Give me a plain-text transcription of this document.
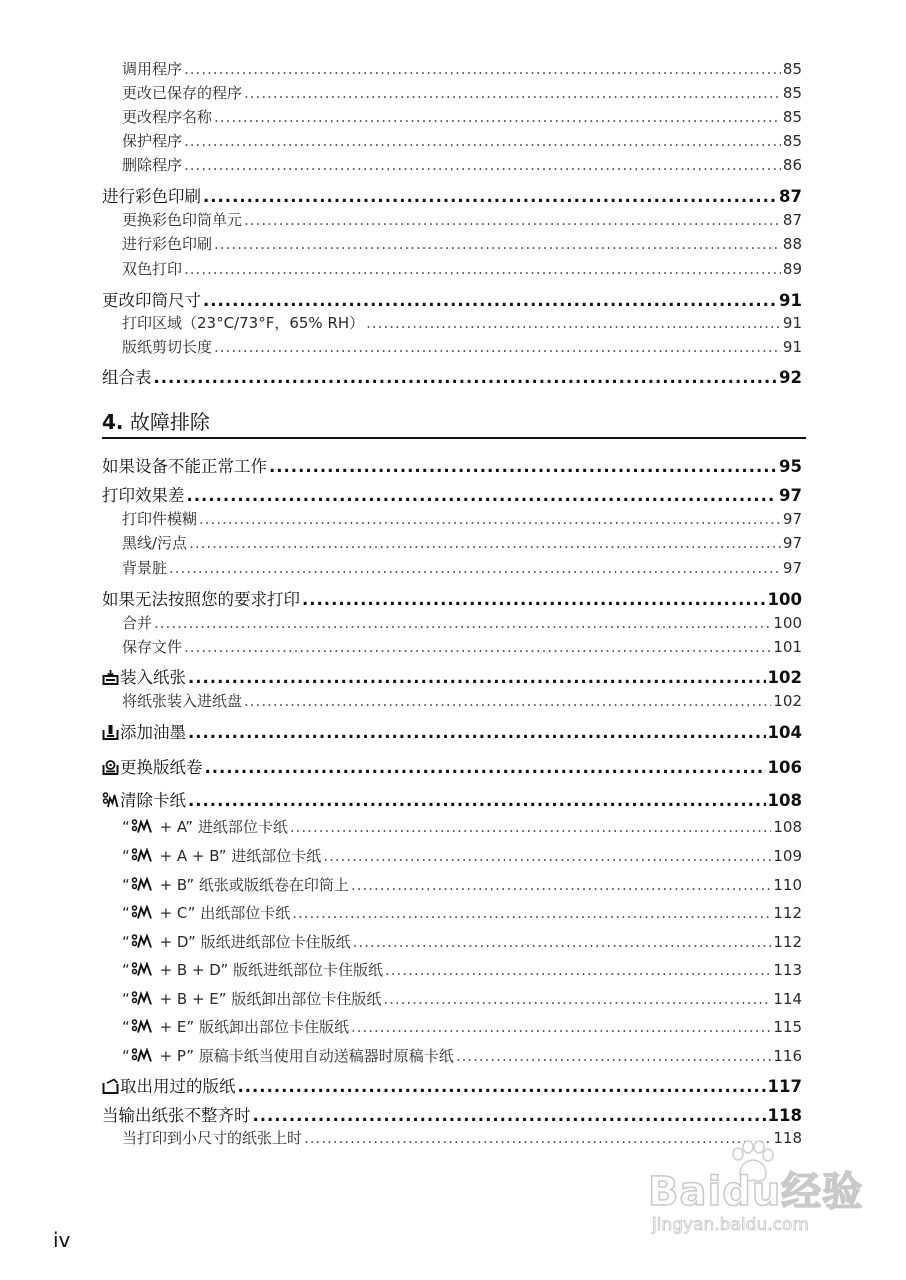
调用程序 .....	85
更改已保存的程序 .....	85
更改程序名称 .....	85
保护程序 .....	85
删除程序 .....	86
进行彩色印刷 .....	87
更换彩色印筒单元 .....	87
进行彩色印刷 .....	88
双色打印 .....	89
更改印筒尺寸 .....	91
打印区域（23°C/73°F，65% RH） .....	91
版纸剪切长度 .....	91
组合表 .....	92
4. 故障排除
如果设备不能正常工作 .....	95
打印效果差 .....	97
打印件模糊 .....	97
黑线/污点 .....	97
背景脏 .....	97
如果无法按照您的要求打印 .....	100
合并 .....	100
保存文件 .....	101
装入纸张 .....	102
将纸张装入进纸盘 .....	102
添加油墨 .....	104
更换版纸卷 .....	106
清除卡纸 .....	108
“ + A” 进纸部位卡纸 .....	108
“ + A + B” 进纸部位卡纸 .....	109
“ + B” 纸张或版纸卷在印筒上 .....	110
“ + C” 出纸部位卡纸 .....	112
“ + D” 版纸进纸部位卡住版纸 .....	112
“ + B + D” 版纸进纸部位卡住版纸 .....	113
“ + B + E” 版纸卸出部位卡住版纸 .....	114
“ + E” 版纸卸出部位卡住版纸 .....	115
“ + P” 原稿卡纸当使用自动送稿器时原稿卡纸 .....	116
取出用过的版纸 .....	117
当输出纸张不整齐时 .....	118
当打印到小尺寸的纸张上时 .....	118
Baidu经验
jingyan.baidu.com
iv
